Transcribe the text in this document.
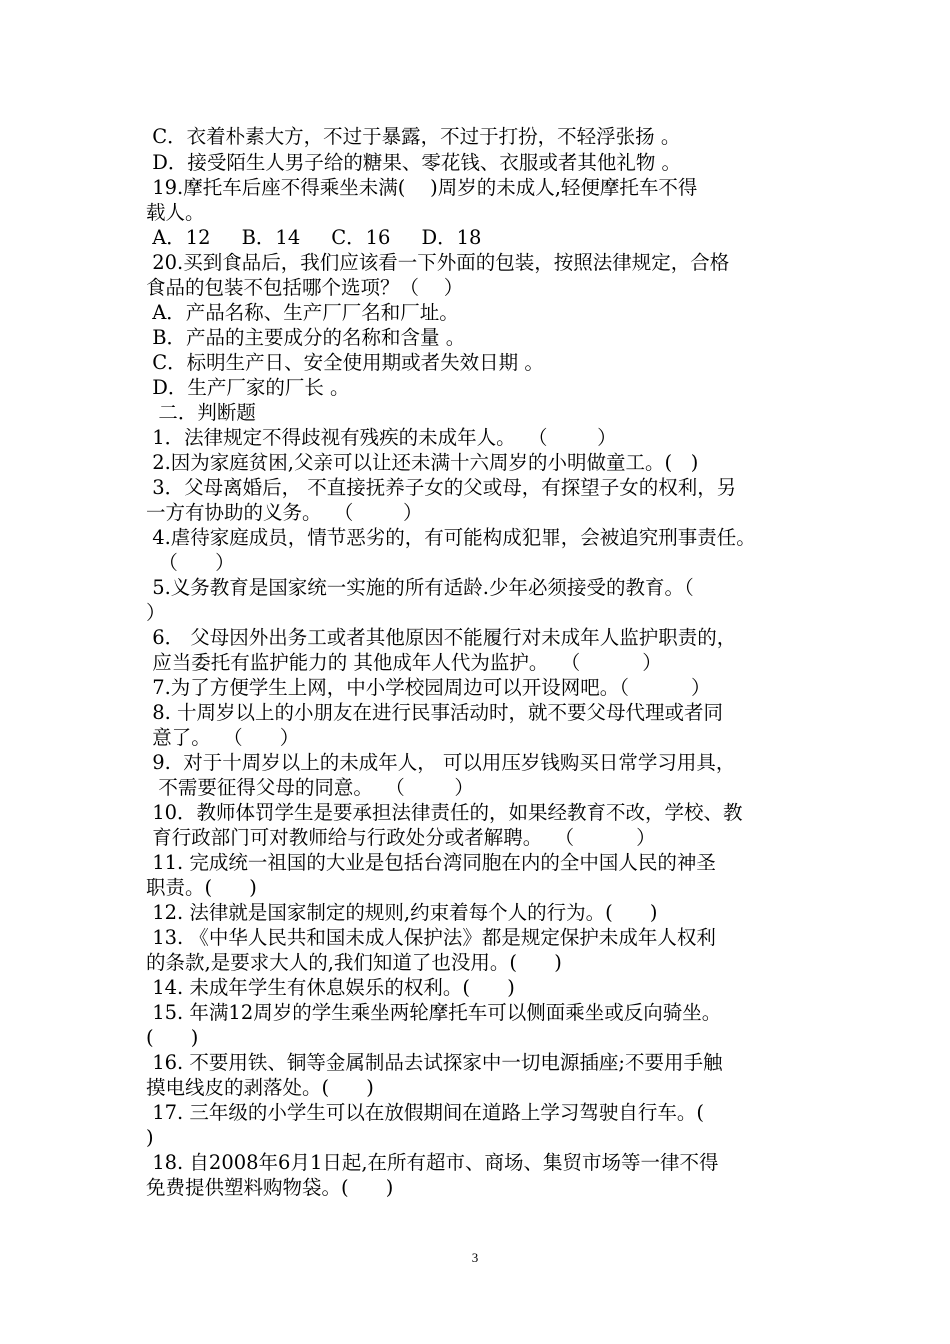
C．衣着朴素大方，不过于暴露，不过于打扮，不轻浮张扬 。
D．接受陌生人男子给的糖果、零花钱、衣服或者其他礼物 。
19.摩托车后座不得乘坐未满(    )周岁的未成人,轻便摩托车不得
载人。
A．12     B．14     C．16     D．18
20.买到食品后，我们应该看一下外面的包装，按照法律规定，合格
食品的包装不包括哪个选项？（    ）
A．产品名称、生产厂厂名和厂址。
B．产品的主要成分的名称和含量 。
C．标明生产日、安全使用期或者失效日期 。
D．生产厂家的厂长 。
二．判断题
1．法律规定不得歧视有残疾的未成年人。  （        ）
2.因为家庭贫困,父亲可以让还未满十六周岁的小明做童工。(   )
3．父母离婚后， 不直接抚养子女的父或母，有探望子女的权利，另
一方有协助的义务。  （        ）
4.虐待家庭成员，情节恶劣的，有可能构成犯罪，会被追究刑事责任。
（      ）
5.义务教育是国家统一实施的所有适龄.少年必须接受的教育。（
）
6． 父母因外出务工或者其他原因不能履行对未成年人监护职责的，
应当委托有监护能力的 其他成年人代为监护。  （          ）
7.为了方便学生上网，中小学校园周边可以开设网吧。（          ）
8. 十周岁以上的小朋友在进行民事活动时，就不要父母代理或者同
意了。  （      ）
9.  对于十周岁以上的未成年人， 可以用压岁钱购买日常学习用具，
不需要征得父母的同意。  （        ）
10．教师体罚学生是要承担法律责任的，如果经教育不改，学校、教
育行政部门可对教师给与行政处分或者解聘。  （          ）
11. 完成统一祖国的大业是包括台湾同胞在内的全中国人民的神圣
职责。(      )
12. 法律就是国家制定的规则,约束着每个人的行为。(      )
13. 《中华人民共和国未成人保护法》都是规定保护未成年人权利
的条款,是要求大人的,我们知道了也没用。(      )
14. 未成年学生有休息娱乐的权利。(      )
15. 年满12周岁的学生乘坐两轮摩托车可以侧面乘坐或反向骑坐。
(      )
16. 不要用铁、铜等金属制品去试探家中一切电源插座;不要用手触
摸电线皮的剥落处。(      )
17. 三年级的小学生可以在放假期间在道路上学习驾驶自行车。(
)
18. 自2008年6月1日起,在所有超市、商场、集贸市场等一律不得
免费提供塑料购物袋。(      )
3
